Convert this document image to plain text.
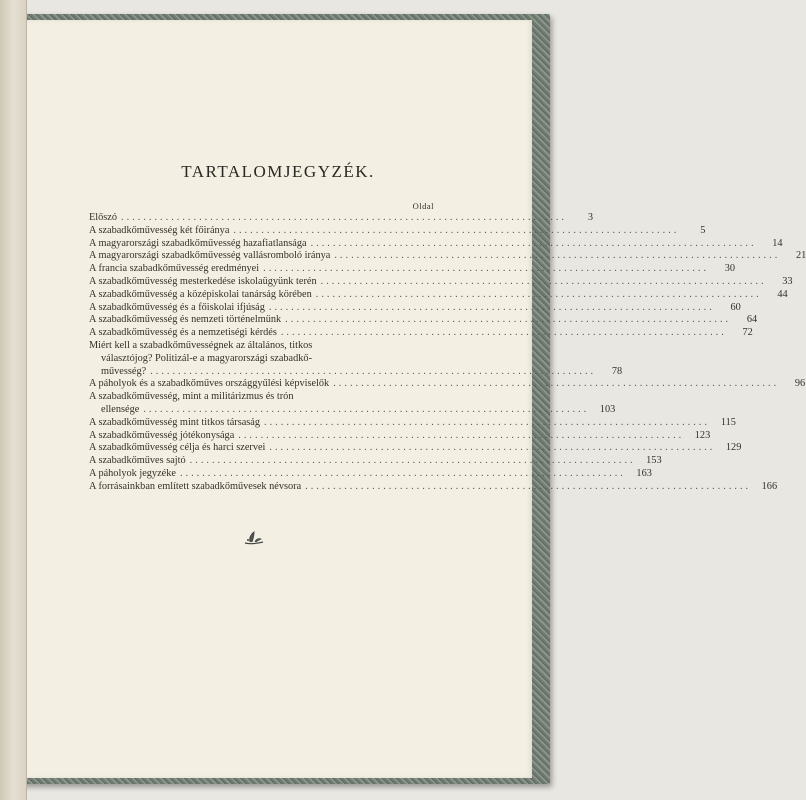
TARTALOMJEGYZÉK.
Oldal
Előszó ................................................................................	3
A szabadkőművesség két főiránya ................................................................................	5
A magyarországi szabadkőművesség hazafiatlansága ................................................................................	14
A magyarországi szabadkőművesség vallásromboló iránya ................................................................................	21
A francia szabadkőművesség eredményei ................................................................................	30
A szabadkőművesség mesterkedése iskolaügyünk terén ................................................................................	33
A szabadkőművesség a középiskolai tanárság körében ................................................................................	44
A szabadkőművesség és a főiskolai ifjúság ................................................................................	60
A szabadkőművesség és nemzeti történelmünk ................................................................................	64
A szabadkőművesség és a nemzetiségi kérdés ................................................................................	72
Miért kell a szabadkőművességnek az általános, titkos
választójog? Politizál-e a magyarországi szabadkő-
művesség? ................................................................................	78
A páholyok és a szabadkőműves országgyűlési képviselők ................................................................................	96
A szabadkőművesség, mint a militárizmus és trón
ellensége ................................................................................	103
A szabadkőművesség mint titkos társaság ................................................................................	115
A szabadkőművesség jótékonysága ................................................................................	123
A szabadkőművesség célja és harci szervei ................................................................................	129
A szabadkőműves sajtó ................................................................................	153
A páholyok jegyzéke ................................................................................	163
A forrásainkban említett szabadkőművesek névsora ................................................................................	166
